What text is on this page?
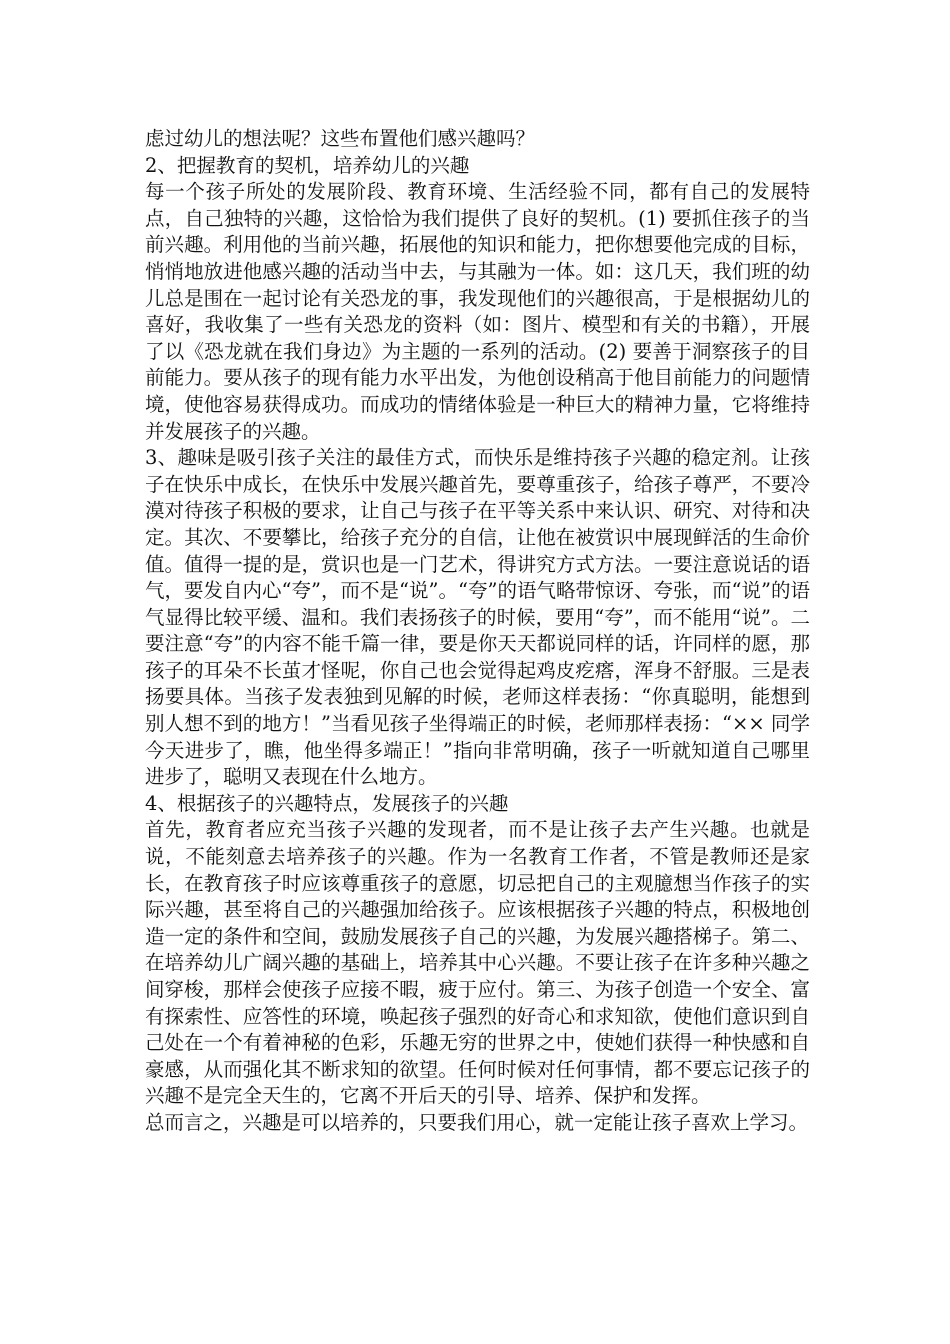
虑过幼儿的想法呢？这些布置他们感兴趣吗？

2、把握教育的契机，培养幼儿的兴趣

每一个孩子所处的发展阶段、教育环境、生活经验不同，都有自己的发展特点，自己独特的兴趣，这恰恰为我们提供了良好的契机。(1) 要抓住孩子的当前兴趣。利用他的当前兴趣，拓展他的知识和能力，把你想要他完成的目标，悄悄地放进他感兴趣的活动当中去，与其融为一体。如：这几天，我们班的幼儿总是围在一起讨论有关恐龙的事，我发现他们的兴趣很高，于是根据幼儿的喜好，我收集了一些有关恐龙的资料（如：图片、模型和有关的书籍），开展了以《恐龙就在我们身边》为主题的一系列的活动。(2) 要善于洞察孩子的目前能力。要从孩子的现有能力水平出发，为他创设稍高于他目前能力的问题情境，使他容易获得成功。而成功的情绪体验是一种巨大的精神力量，它将维持并发展孩子的兴趣。

3、趣味是吸引孩子关注的最佳方式，而快乐是维持孩子兴趣的稳定剂。让孩子在快乐中成长，在快乐中发展兴趣首先，要尊重孩子，给孩子尊严，不要冷漠对待孩子积极的要求，让自己与孩子在平等关系中来认识、研究、对待和决定。其次、不要攀比，给孩子充分的自信，让他在被赏识中展现鲜活的生命价值。值得一提的是，赏识也是一门艺术，得讲究方式方法。一要注意说话的语气，要发自内心“夸”，而不是“说”。“夸”的语气略带惊讶、夸张，而“说”的语气显得比较平缓、温和。我们表扬孩子的时候，要用“夸”，而不能用“说”。二要注意“夸”的内容不能千篇一律，要是你天天都说同样的话，许同样的愿，那孩子的耳朵不长茧才怪呢，你自己也会觉得起鸡皮疙瘩，浑身不舒服。三是表扬要具体。当孩子发表独到见解的时候，老师这样表扬：“你真聪明，能想到别人想不到的地方！”当看见孩子坐得端正的时候，老师那样表扬：“×× 同学今天进步了，瞧，他坐得多端正！”指向非常明确，孩子一听就知道自己哪里进步了，聪明又表现在什么地方。

4、根据孩子的兴趣特点，发展孩子的兴趣

首先，教育者应充当孩子兴趣的发现者，而不是让孩子去产生兴趣。也就是说，不能刻意去培养孩子的兴趣。作为一名教育工作者，不管是教师还是家长，在教育孩子时应该尊重孩子的意愿，切忌把自己的主观臆想当作孩子的实际兴趣，甚至将自己的兴趣强加给孩子。应该根据孩子兴趣的特点，积极地创造一定的条件和空间，鼓励发展孩子自己的兴趣，为发展兴趣搭梯子。第二、在培养幼儿广阔兴趣的基础上，培养其中心兴趣。不要让孩子在许多种兴趣之间穿梭，那样会使孩子应接不暇，疲于应付。第三、为孩子创造一个安全、富有探索性、应答性的环境，唤起孩子强烈的好奇心和求知欲，使他们意识到自己处在一个有着神秘的色彩，乐趣无穷的世界之中，使她们获得一种快感和自豪感，从而强化其不断求知的欲望。任何时候对任何事情，都不要忘记孩子的兴趣不是完全天生的，它离不开后天的引导、培养、保护和发挥。

总而言之，兴趣是可以培养的，只要我们用心，就一定能让孩子喜欢上学习。
